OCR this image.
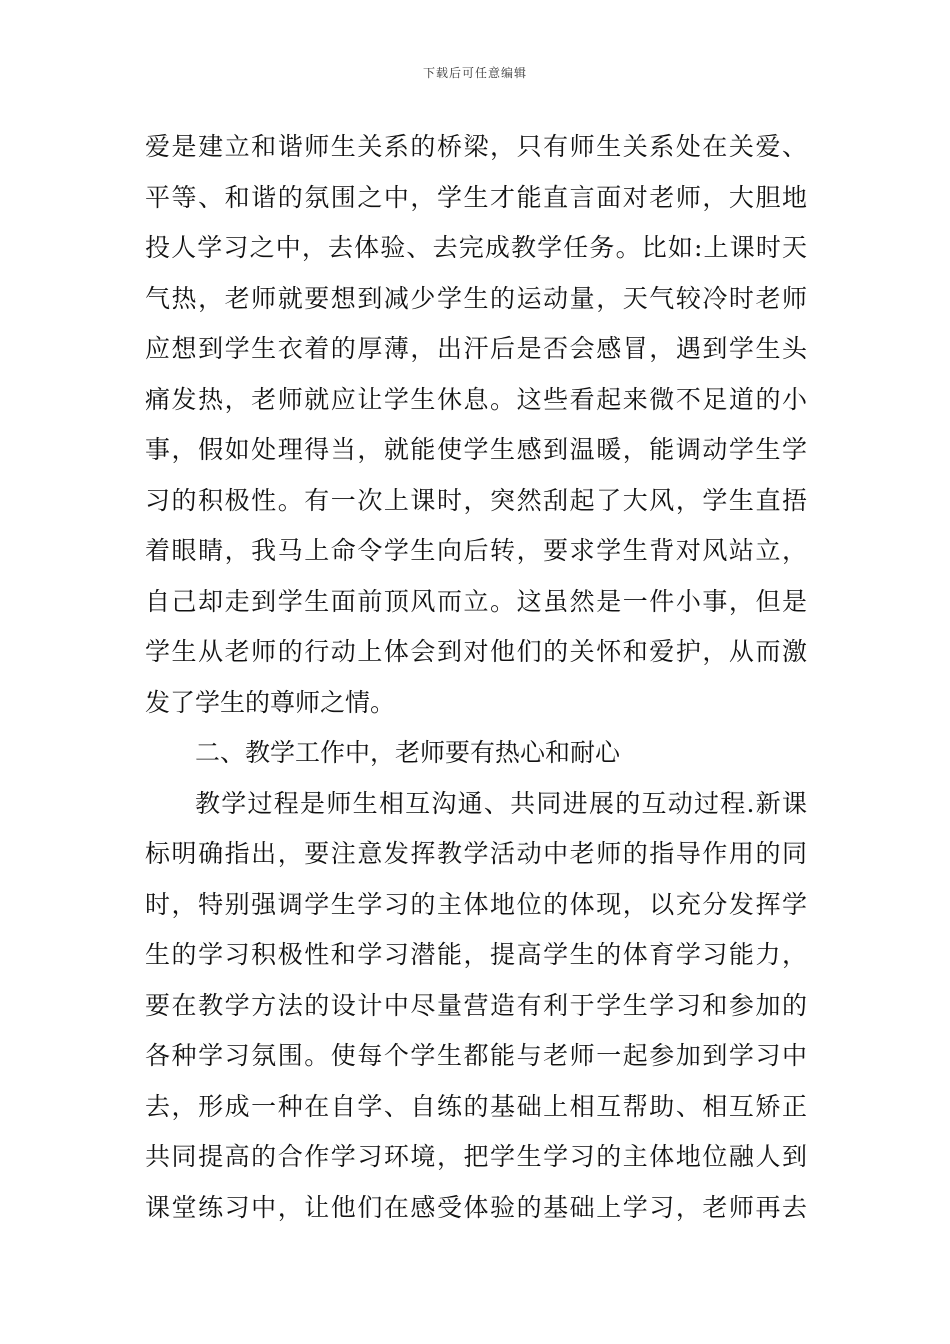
下载后可任意编辑
爱是建立和谐师生关系的桥梁，只有师生关系处在关爱、
平等、和谐的氛围之中，学生才能直言面对老师，大胆地
投人学习之中，去体验、去完成教学任务。比如:上课时天
气热，老师就要想到减少学生的运动量，天气较冷时老师
应想到学生衣着的厚薄，出汗后是否会感冒，遇到学生头
痛发热，老师就应让学生休息。这些看起来微不足道的小
事，假如处理得当，就能使学生感到温暖，能调动学生学
习的积极性。有一次上课时，突然刮起了大风，学生直捂
着眼睛，我马上命令学生向后转，要求学生背对风站立，
自己却走到学生面前顶风而立。这虽然是一件小事，但是
学生从老师的行动上体会到对他们的关怀和爱护，从而激
发了学生的尊师之情。
二、教学工作中，老师要有热心和耐心
教学过程是师生相互沟通、共同进展的互动过程.新课
标明确指出，要注意发挥教学活动中老师的指导作用的同
时，特别强调学生学习的主体地位的体现，以充分发挥学
生的学习积极性和学习潜能，提高学生的体育学习能力，
要在教学方法的设计中尽量营造有利于学生学习和参加的
各种学习氛围。使每个学生都能与老师一起参加到学习中
去，形成一种在自学、自练的基础上相互帮助、相互矫正
共同提高的合作学习环境，把学生学习的主体地位融人到
课堂练习中，让他们在感受体验的基础上学习，老师再去
